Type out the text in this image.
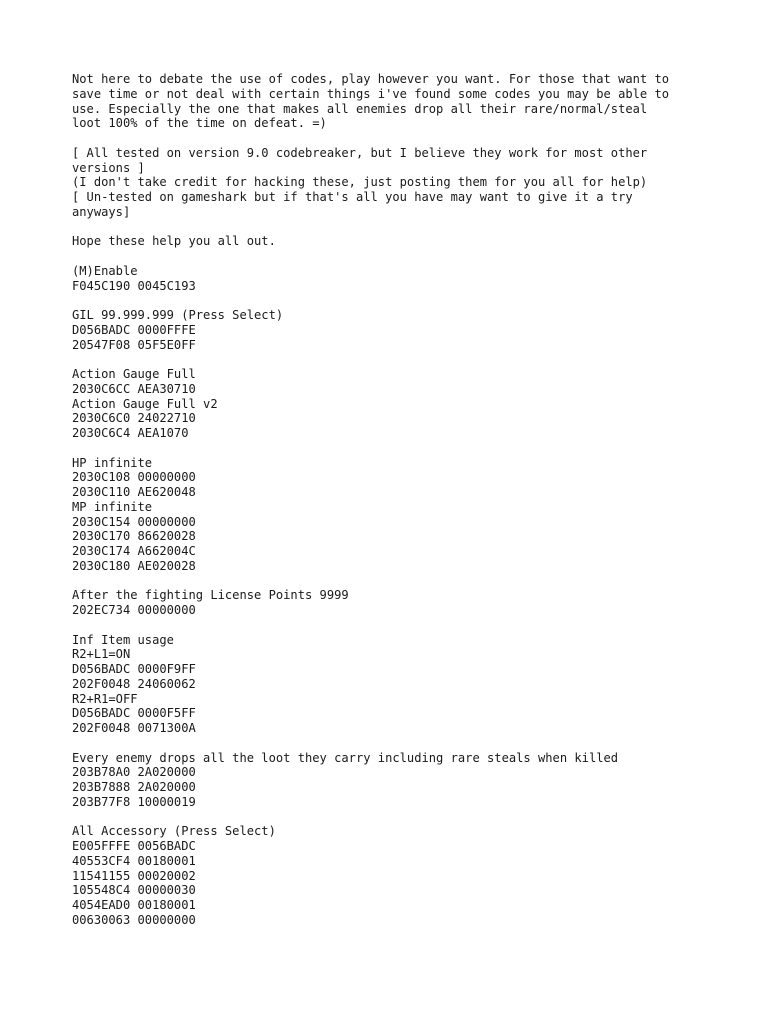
Not here to debate the use of codes, play however you want. For those that want to
save time or not deal with certain things i've found some codes you may be able to
use. Especially the one that makes all enemies drop all their rare/normal/steal
loot 100% of the time on defeat. =)
[ All tested on version 9.0 codebreaker, but I believe they work for most other
versions ]
(I don't take credit for hacking these, just posting them for you all for help)
[ Un-tested on gameshark but if that's all you have may want to give it a try
anyways]
Hope these help you all out.
(M)Enable
F045C190 0045C193
GIL 99.999.999 (Press Select)
D056BADC 0000FFFE
20547F08 05F5E0FF
Action Gauge Full
2030C6CC AEA30710
Action Gauge Full v2
2030C6C0 24022710
2030C6C4 AEA1070
HP infinite
2030C108 00000000
2030C110 AE620048
MP infinite
2030C154 00000000
2030C170 86620028
2030C174 A662004C
2030C180 AE020028
After the fighting License Points 9999
202EC734 00000000
Inf Item usage
R2+L1=ON
D056BADC 0000F9FF
202F0048 24060062
R2+R1=OFF
D056BADC 0000F5FF
202F0048 0071300A
Every enemy drops all the loot they carry including rare steals when killed
203B78A0 2A020000
203B7888 2A020000
203B77F8 10000019
All Accessory (Press Select)
E005FFFE 0056BADC
40553CF4 00180001
11541155 00020002
105548C4 00000030
4054EAD0 00180001
00630063 00000000
